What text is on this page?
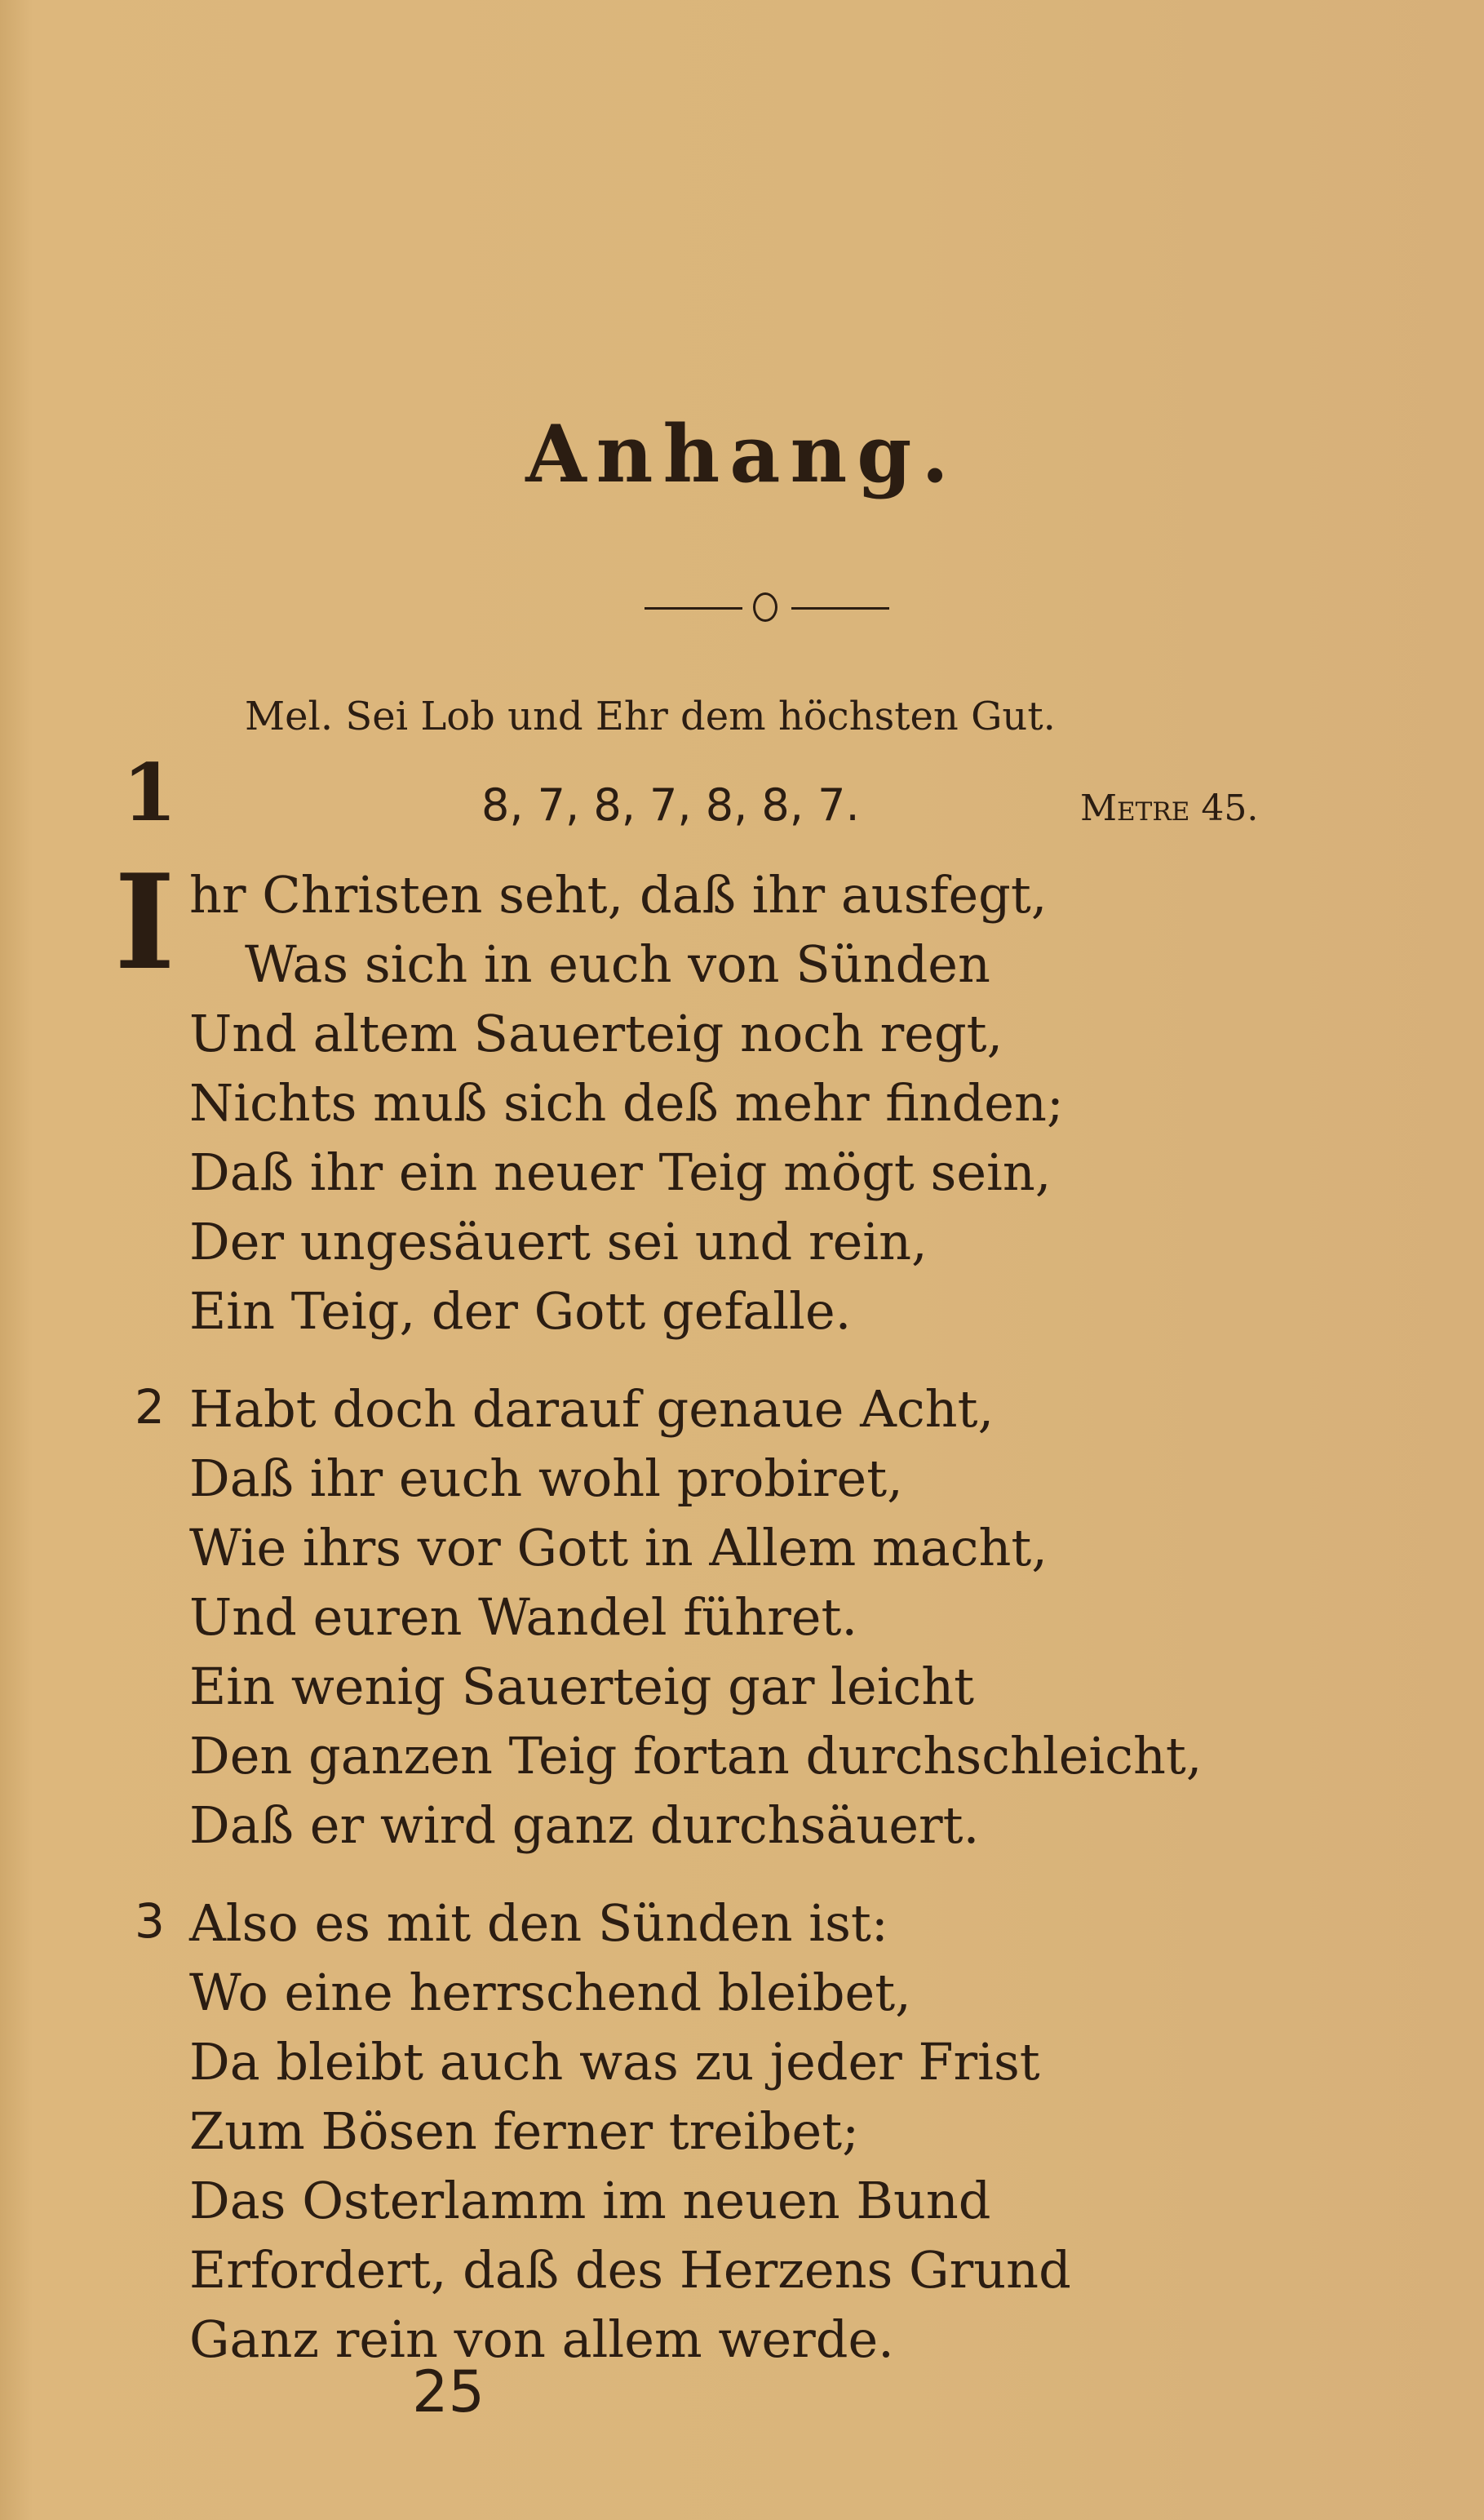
Anhang.
Mel. Sei Lob und Ehr dem höchsten Gut.
1	8, 7, 8, 7, 8, 8, 7.	Metre 45.
I hr Christen seht, daß ihr ausfegt,
Was sich in euch von Sünden
Und altem Sauerteig noch regt,
Nichts muß sich deß mehr finden;
Daß ihr ein neuer Teig mögt sein,
Der ungesäuert sei und rein,
Ein Teig, der Gott gefalle.
2 Habt doch darauf genaue Acht,
Daß ihr euch wohl probiret,
Wie ihrs vor Gott in Allem macht,
Und euren Wandel führet.
Ein wenig Sauerteig gar leicht
Den ganzen Teig fortan durchschleicht,
Daß er wird ganz durchsäuert.
3 Also es mit den Sünden ist:
Wo eine herrschend bleibet,
Da bleibt auch was zu jeder Frist
Zum Bösen ferner treibet;
Das Osterlamm im neuen Bund
Erfordert, daß des Herzens Grund
Ganz rein von allem werde.
25
